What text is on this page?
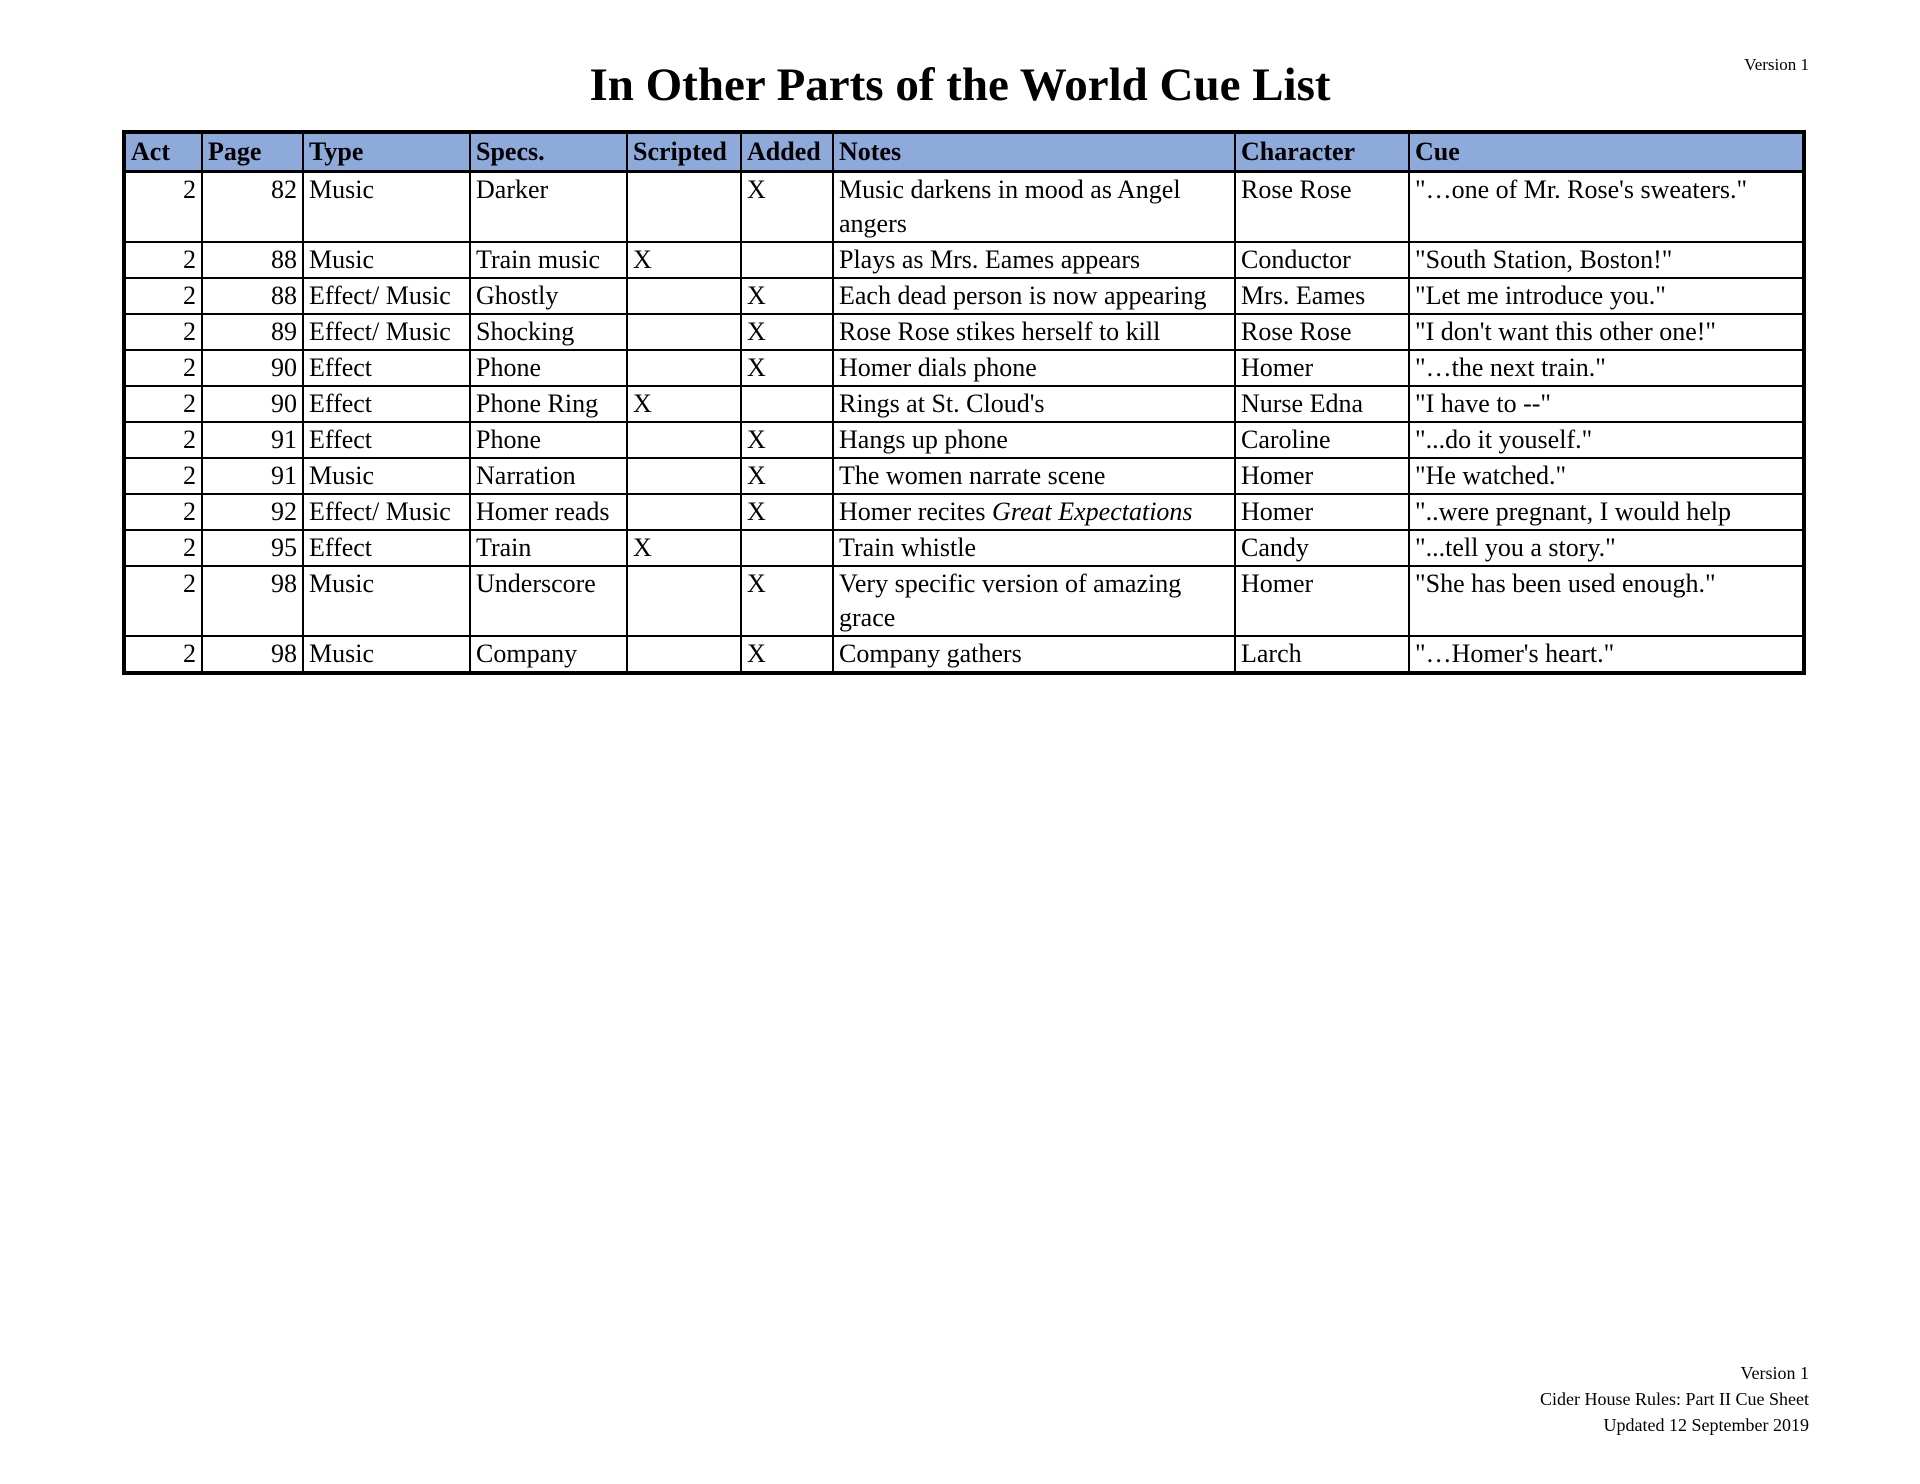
Version 1
In Other Parts of the World Cue List
Act	Page	Type	Specs.	Scripted	Added	Notes	Character	Cue
2	82	Music	Darker		X	Music darkens in mood as Angel angers	Rose Rose	"…one of Mr. Rose's sweaters."
2	88	Music	Train music	X		Plays as Mrs. Eames appears	Conductor	"South Station, Boston!"
2	88	Effect/ Music	Ghostly		X	Each dead person is now appearing	Mrs. Eames	"Let me introduce you."
2	89	Effect/ Music	Shocking		X	Rose Rose stikes herself to kill	Rose Rose	"I don't want this other one!"
2	90	Effect	Phone		X	Homer dials phone	Homer	"…the next train."
2	90	Effect	Phone Ring	X		Rings at St. Cloud's	Nurse Edna	"I have to --"
2	91	Effect	Phone		X	Hangs up phone	Caroline	"...do it youself."
2	91	Music	Narration		X	The women narrate scene	Homer	"He watched."
2	92	Effect/ Music	Homer reads		X	Homer recites Great Expectations	Homer	"..were pregnant, I would help
2	95	Effect	Train	X		Train whistle	Candy	"...tell you a story."
2	98	Music	Underscore		X	Very specific version of amazing grace	Homer	"She has been used enough."
2	98	Music	Company		X	Company gathers	Larch	"…Homer's heart."
Version 1
Cider House Rules: Part II Cue Sheet
Updated 12 September 2019
